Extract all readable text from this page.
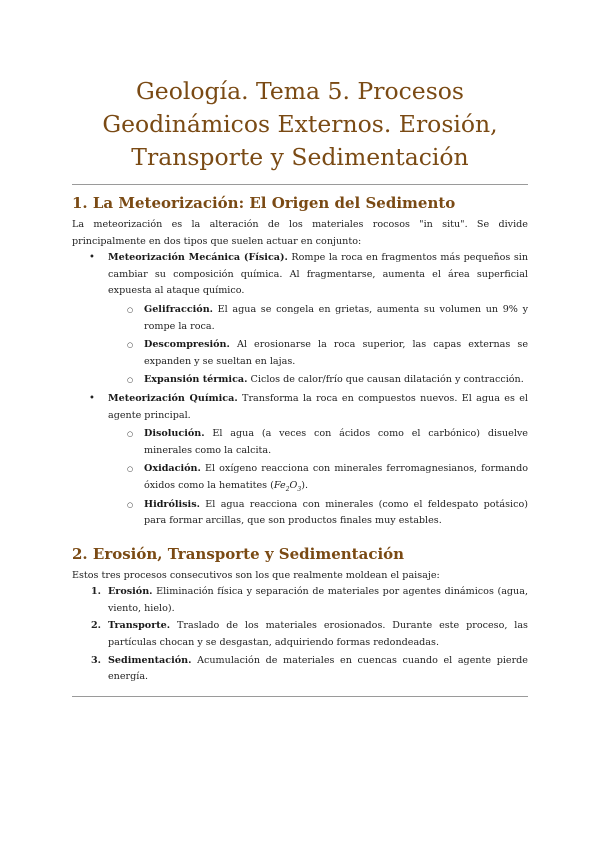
Geología. Tema 5. Procesos
Geodinámicos Externos. Erosión,
Transporte y Sedimentación
1. La Meteorización: El Origen del Sedimento

La meteorización es la alteración de los materiales rocosos "in situ". Se divide principalmente en dos tipos que suelen actuar en conjunto:

• Meteorización Mecánica (Física). Rompe la roca en fragmentos más pequeños sin cambiar su composición química. Al fragmentarse, aumenta el área superficial expuesta al ataque químico.
○ Gelifracción. El agua se congela en grietas, aumenta su volumen un 9% y rompe la roca.
○ Descompresión. Al erosionarse la roca superior, las capas externas se expanden y se sueltan en lajas.
○ Expansión térmica. Ciclos de calor/frío que causan dilatación y contracción.
• Meteorización Química. Transforma la roca en compuestos nuevos. El agua es el agente principal.
○ Disolución. El agua (a veces con ácidos como el carbónico) disuelve minerales como la calcita.
○ Oxidación. El oxígeno reacciona con minerales ferromagnesianos, formando óxidos como la hematites $(Fe_2O_3)$.
○ Hidrólisis. El agua reacciona con minerales (como el feldespato potásico) para formar arcillas, que son productos finales muy estables.
2. Erosión, Transporte y Sedimentación

Estos tres procesos consecutivos son los que realmente moldean el paisaje:

1. Erosión. Eliminación física y separación de materiales por agentes dinámicos (agua, viento, hielo).
2. Transporte. Traslado de los materiales erosionados. Durante este proceso, las partículas chocan y se desgastan, adquiriendo formas redondeadas.
3. Sedimentación. Acumulación de materiales en cuencas cuando el agente pierde energía.
